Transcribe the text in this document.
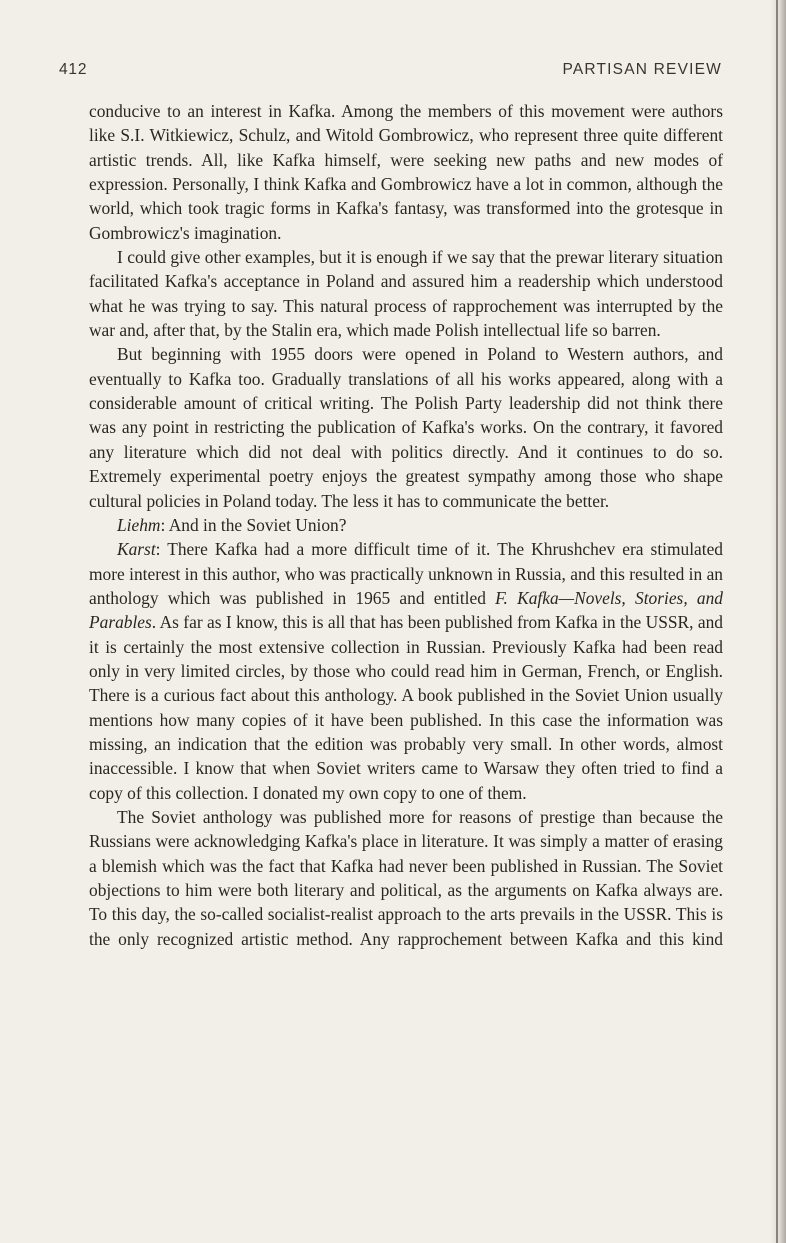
412	PARTISAN REVIEW

conducive to an interest in Kafka. Among the members of this movement were authors like S.I. Witkiewicz, Schulz, and Witold Gombrowicz, who represent three quite different artistic trends. All, like Kafka himself, were seeking new paths and new modes of expression. Personally, I think Kafka and Gombrowicz have a lot in common, although the world, which took tragic forms in Kafka's fantasy, was transformed into the grotesque in Gombrowicz's imagination.

I could give other examples, but it is enough if we say that the prewar literary situation facilitated Kafka's acceptance in Poland and assured him a readership which understood what he was trying to say. This natural process of rapprochement was interrupted by the war and, after that, by the Stalin era, which made Polish intellectual life so barren.

But beginning with 1955 doors were opened in Poland to Western authors, and eventually to Kafka too. Gradually translations of all his works appeared, along with a considerable amount of critical writing. The Polish Party leadership did not think there was any point in restricting the publication of Kafka's works. On the contrary, it favored any literature which did not deal with politics directly. And it continues to do so. Extremely experimental poetry enjoys the greatest sympathy among those who shape cultural policies in Poland today. The less it has to communicate the better.

Liehm: And in the Soviet Union?

Karst: There Kafka had a more difficult time of it. The Khrushchev era stimulated more interest in this author, who was practically unknown in Russia, and this resulted in an anthology which was published in 1965 and entitled F. Kafka—Novels, Stories, and Parables. As far as I know, this is all that has been published from Kafka in the USSR, and it is certainly the most extensive collection in Russian. Previously Kafka had been read only in very limited circles, by those who could read him in German, French, or English. There is a curious fact about this anthology. A book published in the Soviet Union usually mentions how many copies of it have been published. In this case the information was missing, an indication that the edition was probably very small. In other words, almost inaccessible. I know that when Soviet writers came to Warsaw they often tried to find a copy of this collection. I donated my own copy to one of them.

The Soviet anthology was published more for reasons of prestige than because the Russians were acknowledging Kafka's place in literature. It was simply a matter of erasing a blemish which was the fact that Kafka had never been published in Russian. The Soviet objections to him were both literary and political, as the arguments on Kafka always are. To this day, the so-called socialist-realist approach to the arts prevails in the USSR. This is the only recognized artistic method. Any rapprochement between Kafka and this kind
